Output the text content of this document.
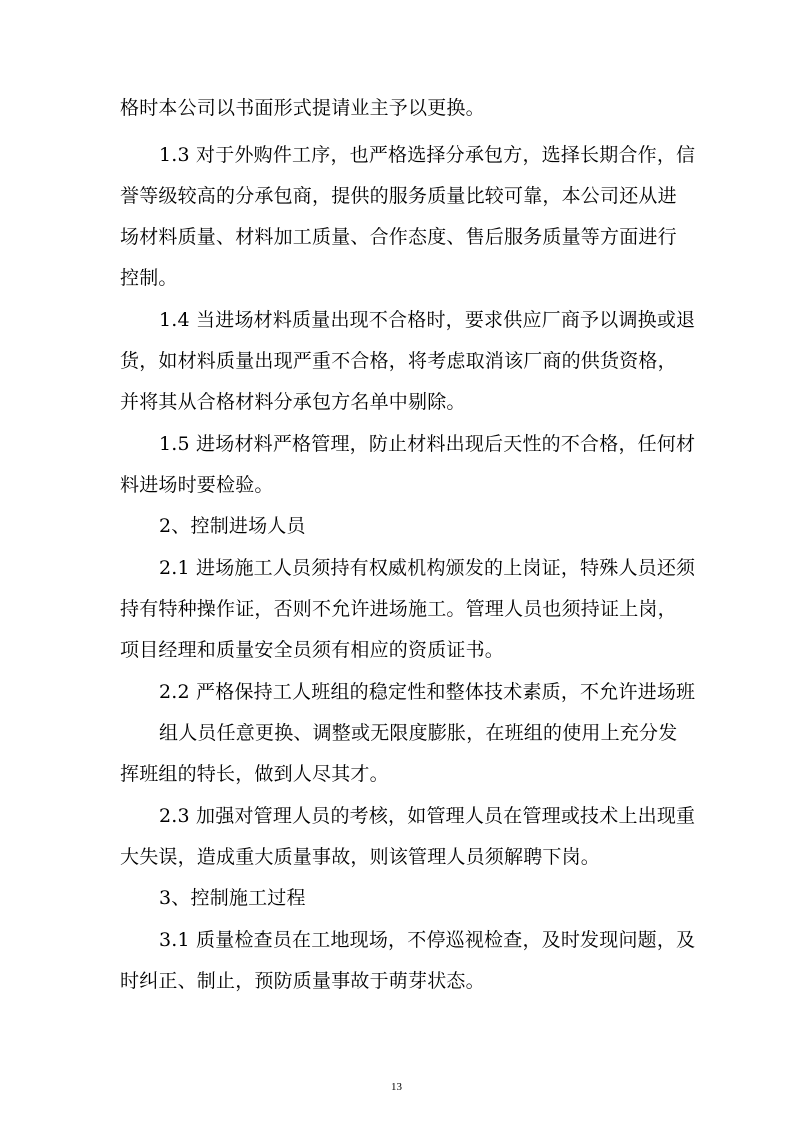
格时本公司以书面形式提请业主予以更换。

1.3 对于外购件工序，也严格选择分承包方，选择长期合作，信

誉等级较高的分承包商，提供的服务质量比较可靠，本公司还从进

场材料质量、材料加工质量、合作态度、售后服务质量等方面进行

控制。

1.4 当进场材料质量出现不合格时，要求供应厂商予以调换或退

货，如材料质量出现严重不合格，将考虑取消该厂商的供货资格，

并将其从合格材料分承包方名单中剔除。

1.5 进场材料严格管理，防止材料出现后天性的不合格，任何材

料进场时要检验。

2、控制进场人员

2.1 进场施工人员须持有权威机构颁发的上岗证，特殊人员还须

持有特种操作证，否则不允许进场施工。管理人员也须持证上岗，

项目经理和质量安全员须有相应的资质证书。

2.2 严格保持工人班组的稳定性和整体技术素质，不允许进场班

组人员任意更换、调整或无限度膨胀，在班组的使用上充分发

挥班组的特长，做到人尽其才。

2.3 加强对管理人员的考核，如管理人员在管理或技术上出现重

大失误，造成重大质量事故，则该管理人员须解聘下岗。

3、控制施工过程

3.1 质量检查员在工地现场，不停巡视检查，及时发现问题，及

时纠正、制止，预防质量事故于萌芽状态。

13
